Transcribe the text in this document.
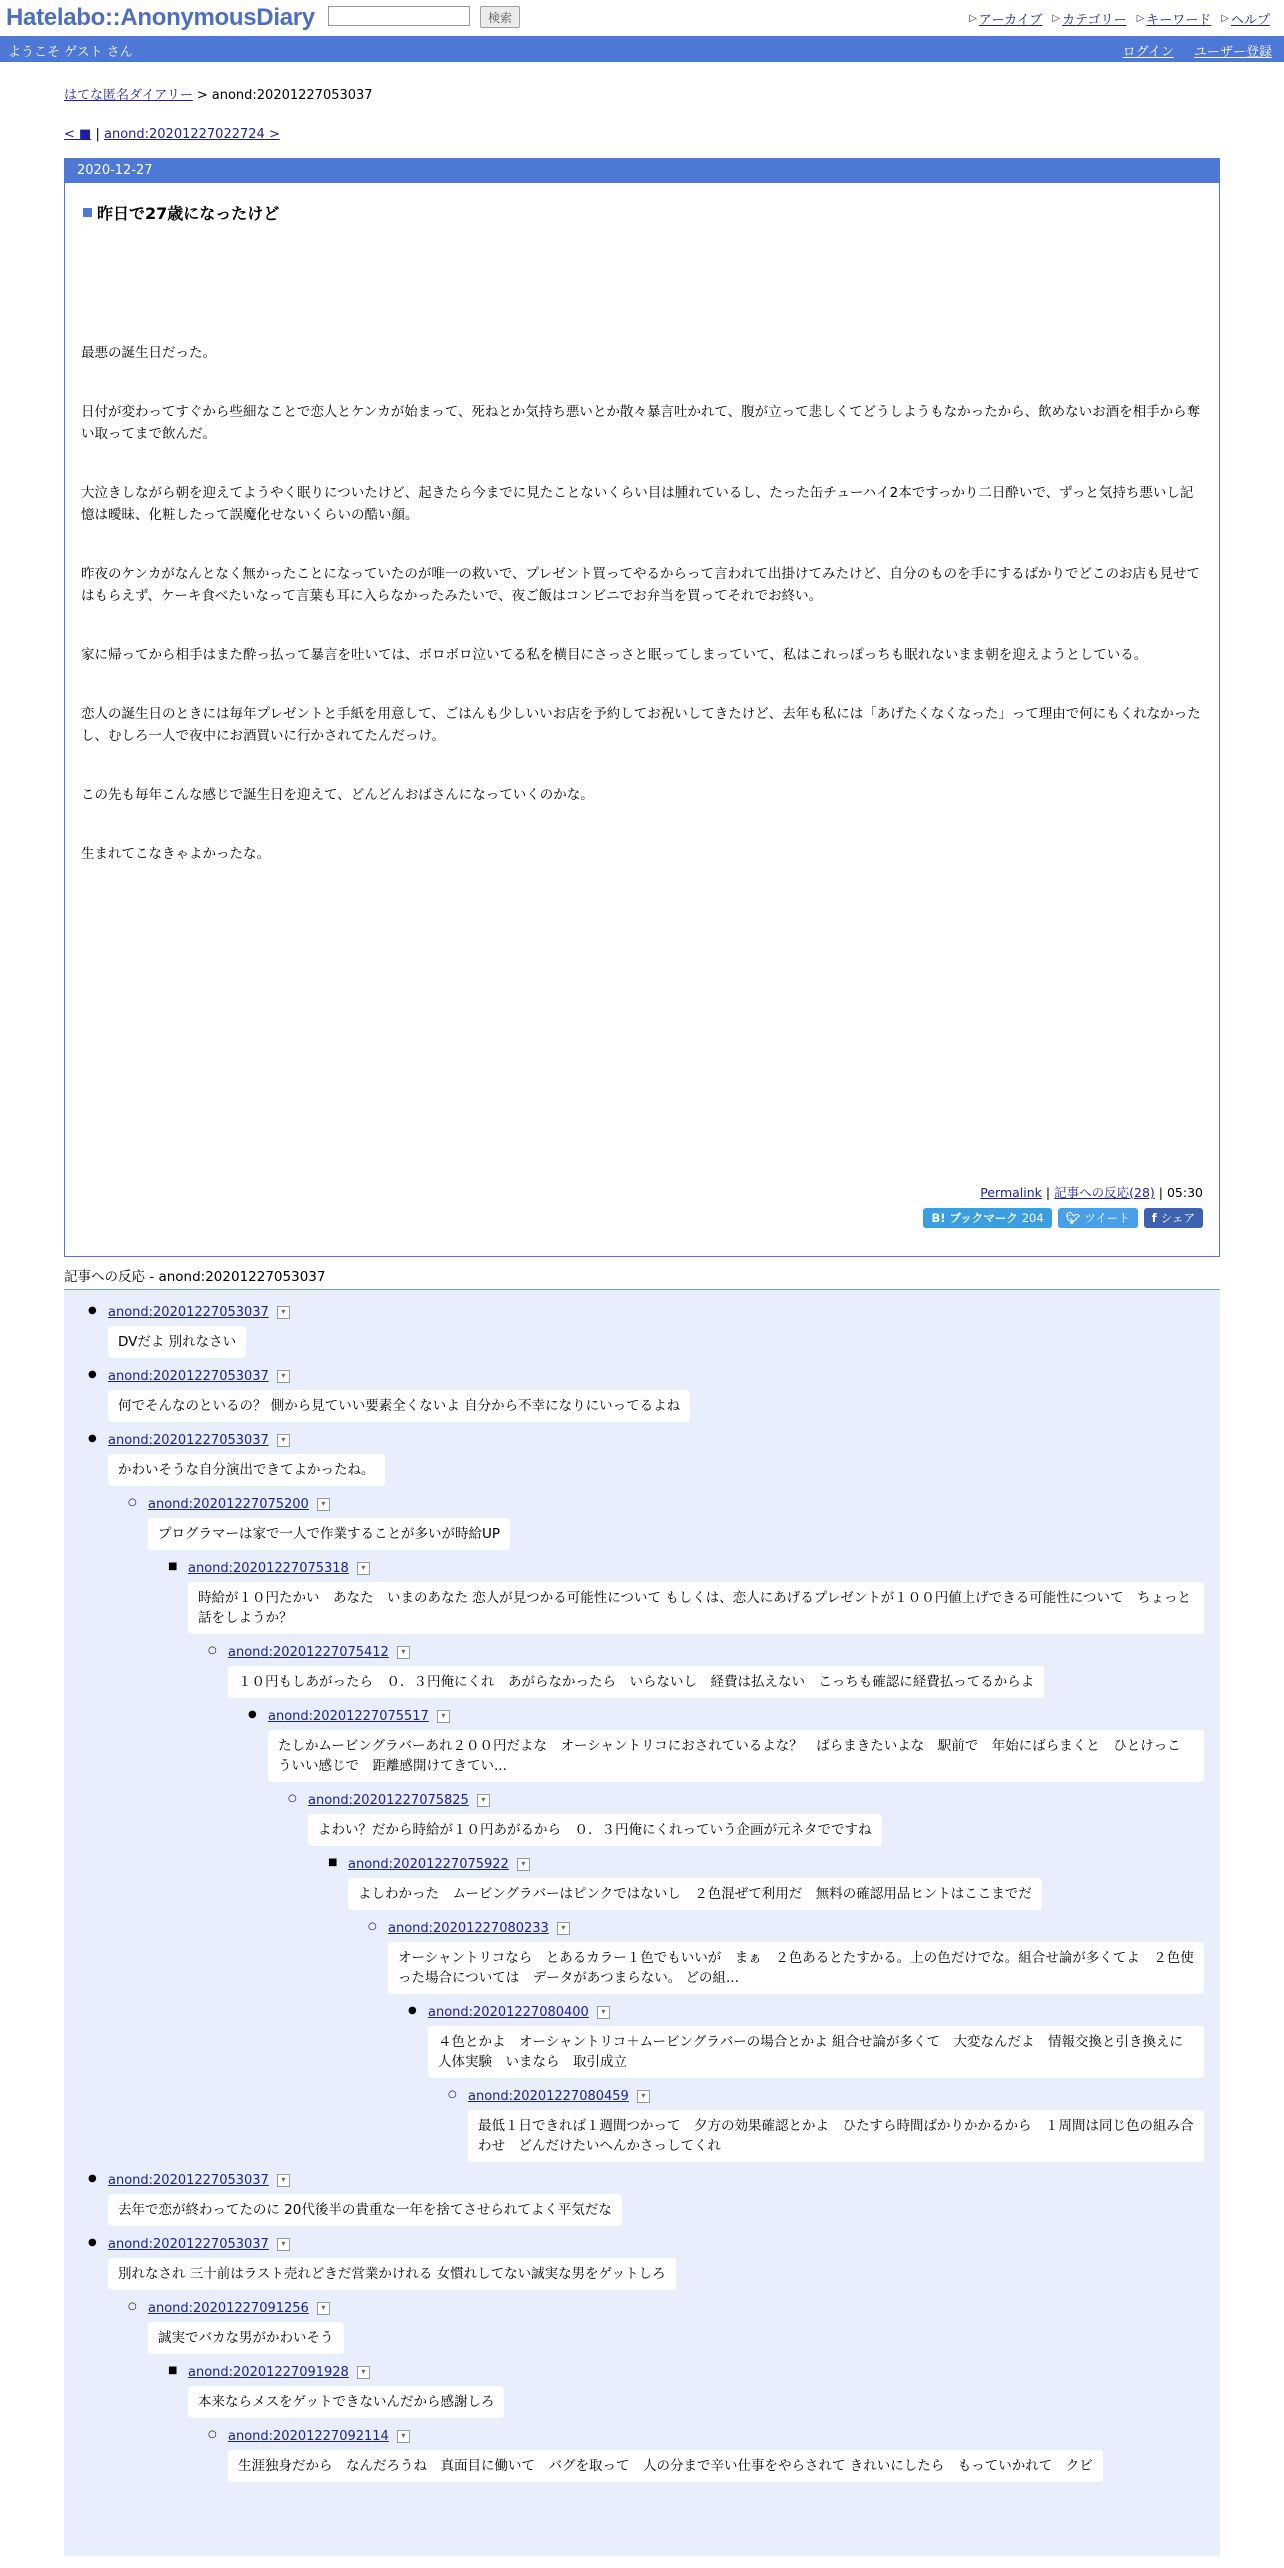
Hatelabo::AnonymousDiary	検索	▷ アーカイブ ▷ カテゴリー ▷ キーワード ▷ ヘルプ
ようこそ ゲスト さん	ログイン ユーザー登録
はてな匿名ダイアリー > anond:20201227053037
< ■ | anond:20201227022724 >
2020-12-27
昨日で27歳になったけど

最悪の誕生日だった。

日付が変わってすぐから些細なことで恋人とケンカが始まって、死ねとか気持ち悪いとか散々暴言吐かれて、腹が立って悲しくてどうしようもなかったから、飲めないお酒を相手から奪い取ってまで飲んだ。

大泣きしながら朝を迎えてようやく眠りについたけど、起きたら今までに見たことないくらい目は腫れているし、たった缶チューハイ2本ですっかり二日酔いで、ずっと気持ち悪いし記憶は曖昧、化粧したって誤魔化せないくらいの酷い顔。

昨夜のケンカがなんとなく無かったことになっていたのが唯一の救いで、プレゼント買ってやるからって言われて出掛けてみたけど、自分のものを手にするばかりでどこのお店も見せてはもらえず、ケーキ食べたいなって言葉も耳に入らなかったみたいで、夜ご飯はコンビニでお弁当を買ってそれでお終い。

家に帰ってから相手はまた酔っ払って暴言を吐いては、ボロボロ泣いてる私を横目にさっさと眠ってしまっていて、私はこれっぽっちも眠れないまま朝を迎えようとしている。

恋人の誕生日のときには毎年プレゼントと手紙を用意して、ごはんも少しいいお店を予約してお祝いしてきたけど、去年も私には「あげたくなくなった」って理由で何にもくれなかったし、むしろ一人で夜中にお酒買いに行かされてたんだっけ。

この先も毎年こんな感じで誕生日を迎えて、どんどんおばさんになっていくのかな。

生まれてこなきゃよかったな。

Permalink | 記事への反応(28) | 05:30
B! ブックマーク 204 🐦︎ ツイート f シェア
記事への反応 - anond:20201227053037
● anond:20201227053037	▾
DVだよ 別れなさい
● anond:20201227053037	▾
何でそんなのといるの？ 側から見ていい要素全くないよ 自分から不幸になりにいってるよね
● anond:20201227053037	▾
かわいそうな自分演出できてよかったね。
○ anond:20201227075200	▾
プログラマーは家で一人で作業することが多いが時給UP
■ anond:20201227075318	▾
時給が１０円たかい　あなた　いまのあなた 恋人が見つかる可能性について もしくは、恋人にあげるプレゼントが１００円値上げできる可能性について　ちょっと話をしようか？
○ anond:20201227075412	▾
１０円もしあがったら　０．３円俺にくれ　あがらなかったら　いらないし　経費は払えない　こっちも確認に経費払ってるからよ
● anond:20201227075517	▾
たしかムービングラバーあれ２００円だよな　オーシャントリコにおされているよな？　ばらまきたいよな　駅前で　年始にばらまくと　ひとけっこういい感じで　距離感開けてきてい...
○ anond:20201227075825	▾
よわい？だから時給が１０円あがるから　０．３円俺にくれっていう企画が元ネタでですね
■ anond:20201227075922	▾
よしわかった　ムービングラバーはピンクではないし　２色混ぜて利用だ　無料の確認用品ヒントはここまでだ
○ anond:20201227080233	▾
オーシャントリコなら　とあるカラー１色でもいいが　まぁ　２色あるとたすかる。上の色だけでな。組合せ論が多くてよ　２色使った場合については　データがあつまらない。 どの組...
● anond:20201227080400	▾
４色とかよ　オーシャントリコ＋ムービングラバーの場合とかよ 組合せ論が多くて　大変なんだよ　情報交換と引き換えに　人体実験　いまなら　取引成立
○ anond:20201227080459	▾
最低１日できれば１週間つかって　夕方の効果確認とかよ　ひたすら時間ばかりかかるから　１周間は同じ色の組み合わせ　どんだけたいへんかさっしてくれ
● anond:20201227053037	▾
去年で恋が終わってたのに 20代後半の貴重な一年を捨てさせられてよく平気だな
● anond:20201227053037	▾
別れなされ 三十前はラスト売れどきだ営業かけれる 女慣れしてない誠実な男をゲットしろ
○ anond:20201227091256	▾
誠実でバカな男がかわいそう
■ anond:20201227091928	▾
本来ならメスをゲットできないんだから感謝しろ
○ anond:20201227092114	▾
生涯独身だから　なんだろうね　真面目に働いて　バグを取って　人の分まで辛い仕事をやらされて きれいにしたら　もっていかれて　クビ
